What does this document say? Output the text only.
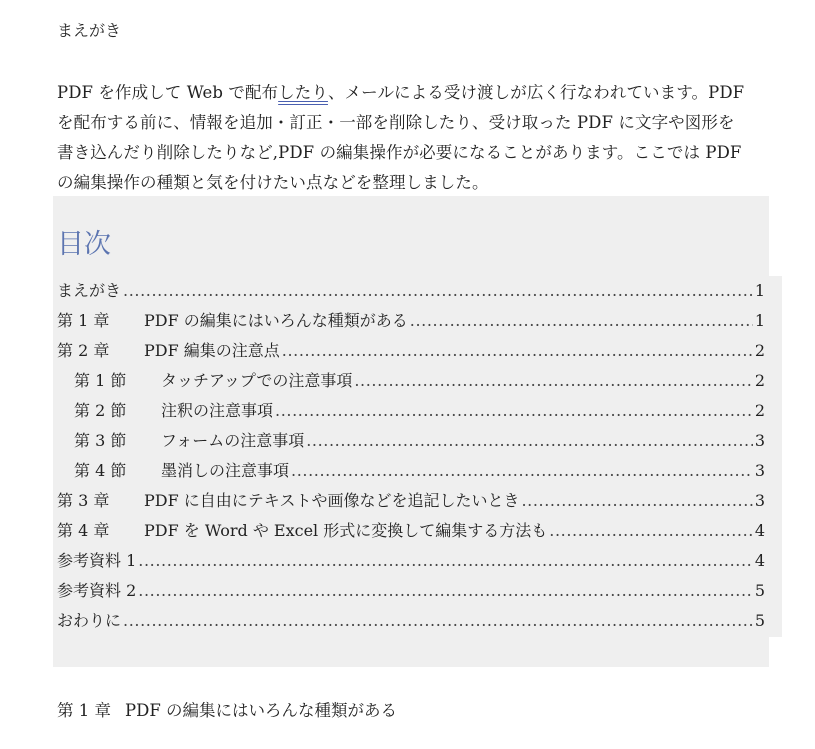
まえがき

PDF を作成して Web で配布したり、メールによる受け渡しが広く行なわれています。PDF
を配布する前に、情報を追加・訂正・一部を削除したり、受け取った PDF に文字や図形を
書き込んだり削除したりなど,PDF の編集操作が必要になることがあります。ここでは PDF
の編集操作の種類と気を付けたい点などを整理しました。

目次
まえがき .....	1
第 1 章	PDF の編集にはいろんな種類がある .....	1
第 2 章	PDF 編集の注意点 .....	2
第 1 節	タッチアップでの注意事項 .....	2
第 2 節	注釈の注意事項 .....	2
第 3 節	フォームの注意事項 .....	3
第 4 節	墨消しの注意事項 .....	3
第 3 章	PDF に自由にテキストや画像などを追記したいとき .....	3
第 4 章	PDF を Word や Excel 形式に変換して編集する方法も .....	4
参考資料 1 .....	4
参考資料 2 .....	5
おわりに .....	5
第 1 章 PDF の編集にはいろんな種類がある
